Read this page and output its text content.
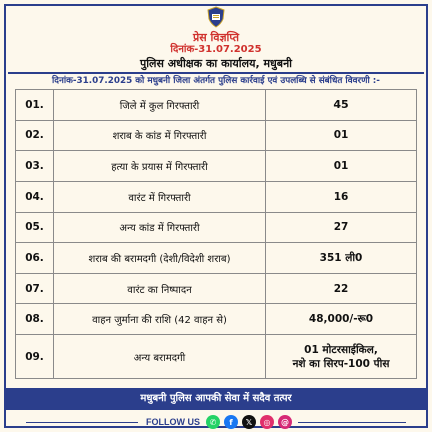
प्रेस विज्ञप्ति
दिनांक-31.07.2025
पुलिस अधीक्षक का कार्यालय, मधुबनी
दिनांक-31.07.2025 को मधुबनी जिला अंतर्गत पुलिस कार्रवाई एवं उपलब्धि से संबंधित विवरणी :-
01.	जिले में कुल गिरफ्तारी	45
02.	शराब के कांड में गिरफ्तारी	01
03.	हत्या के प्रयास में गिरफ्तारी	01
04.	वारंट में गिरफ्तारी	16
05.	अन्य कांड में गिरफ्तारी	27
06.	शराब की बरामदगी (देशी/विदेशी शराब)	351 ली0
07.	वारंट का निष्पादन	22
08.	वाहन जुर्माना की राशि (42 वाहन से)	48,000/-रू0
09.	अन्य बरामदगी	01 मोटरसाईकिल,
नशे का सिरप-100 पीस
मधुबनी पुलिस आपकी सेवा में सदैव तत्पर
FOLLOW US	✆	f	𝕏	◎	@
